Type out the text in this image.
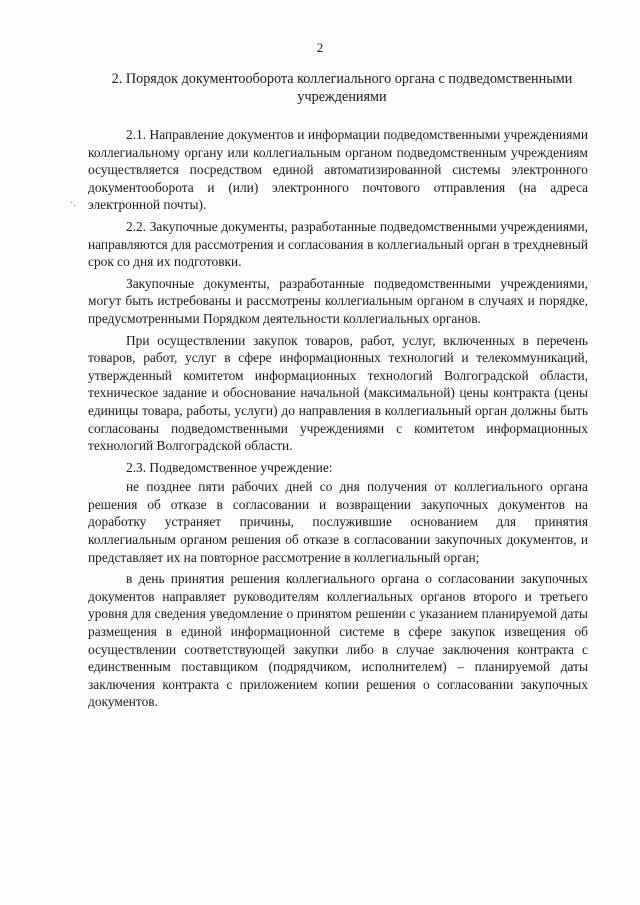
2
2. Порядок документооборота коллегиального органа с подведомственными учреждениями

2.1. Направление документов и информации подведомственными учреждениями коллегиальному органу или коллегиальным органом подведомственным учреждениям осуществляется посредством единой автоматизированной системы электронного документооборота и (или) электронного почтового отправления (на адреса электронной почты).

2.2. Закупочные документы, разработанные подведомственными учреждениями, направляются для рассмотрения и согласования в коллегиальный орган в трехдневный срок со дня их подготовки.

Закупочные документы, разработанные подведомственными учреждениями, могут быть истребованы и рассмотрены коллегиальным органом в случаях и порядке, предусмотренными Порядком деятельности коллегиальных органов.

При осуществлении закупок товаров, работ, услуг, включенных в перечень товаров, работ, услуг в сфере информационных технологий и телекоммуникаций, утвержденный комитетом информационных технологий Волгоградской области, техническое задание и обоснование начальной (максимальной) цены контракта (цены единицы товара, работы, услуги) до направления в коллегиальный орган должны быть согласованы подведомственными учреждениями с комитетом информационных технологий Волгоградской области.

2.3. Подведомственное учреждение:

не позднее пяти рабочих дней со дня получения от коллегиального органа решения об отказе в согласовании и возвращении закупочных документов на доработку устраняет причины, послужившие основанием для принятия коллегиальным органом решения об отказе в согласовании закупочных документов, и представляет их на повторное рассмотрение в коллегиальный орган;

в день принятия решения коллегиального органа о согласовании закупочных документов направляет руководителям коллегиальных органов второго и третьего уровня для сведения уведомление о принятом решении с указанием планируемой даты размещения в единой информационной системе в сфере закупок извещения об осуществлении соответствующей закупки либо в случае заключения контракта с единственным поставщиком (подрядчиком, исполнителем) – планируемой даты заключения контракта с приложением копии решения о согласовании закупочных документов.

·.
